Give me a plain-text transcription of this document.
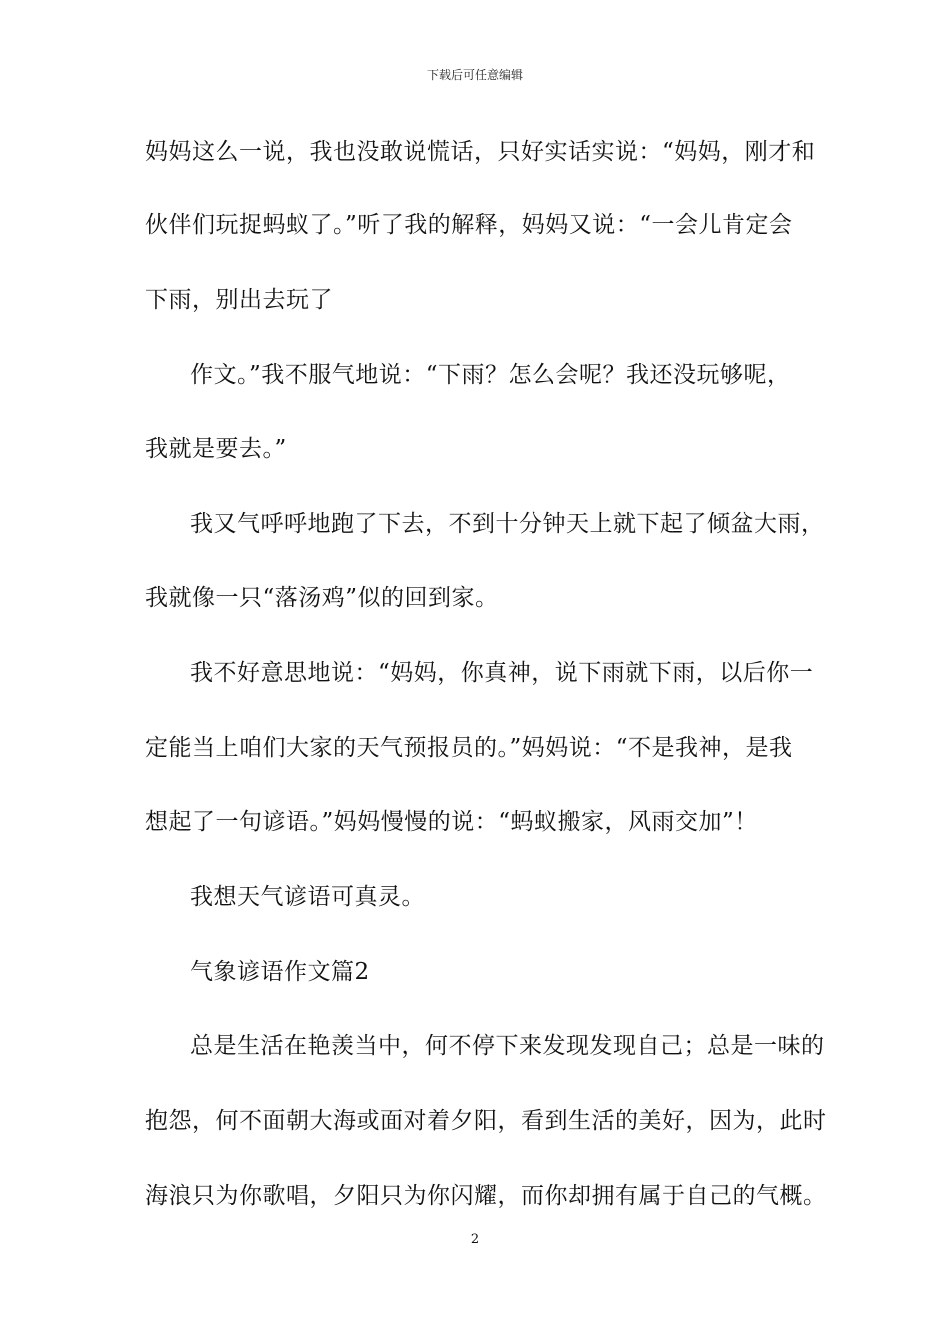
下载后可任意编辑
妈妈这么一说，我也没敢说慌话，只好实话实说：“妈妈，刚才和
伙伴们玩捉蚂蚁了。”听了我的解释，妈妈又说：“一会儿肯定会
下雨，别出去玩了
作文。”我不服气地说：“下雨？怎么会呢？我还没玩够呢，
我就是要去。”
我又气呼呼地跑了下去，不到十分钟天上就下起了倾盆大雨，
我就像一只“落汤鸡”似的回到家。
我不好意思地说：“妈妈，你真神，说下雨就下雨，以后你一
定能当上咱们大家的天气预报员的。”妈妈说：“不是我神，是我
想起了一句谚语。”妈妈慢慢的说：“蚂蚁搬家，风雨交加”！
我想天气谚语可真灵。
气象谚语作文篇2
总是生活在艳羡当中，何不停下来发现发现自己；总是一味的
抱怨，何不面朝大海或面对着夕阳，看到生活的美好，因为，此时
海浪只为你歌唱，夕阳只为你闪耀，而你却拥有属于自己的气概。
2
